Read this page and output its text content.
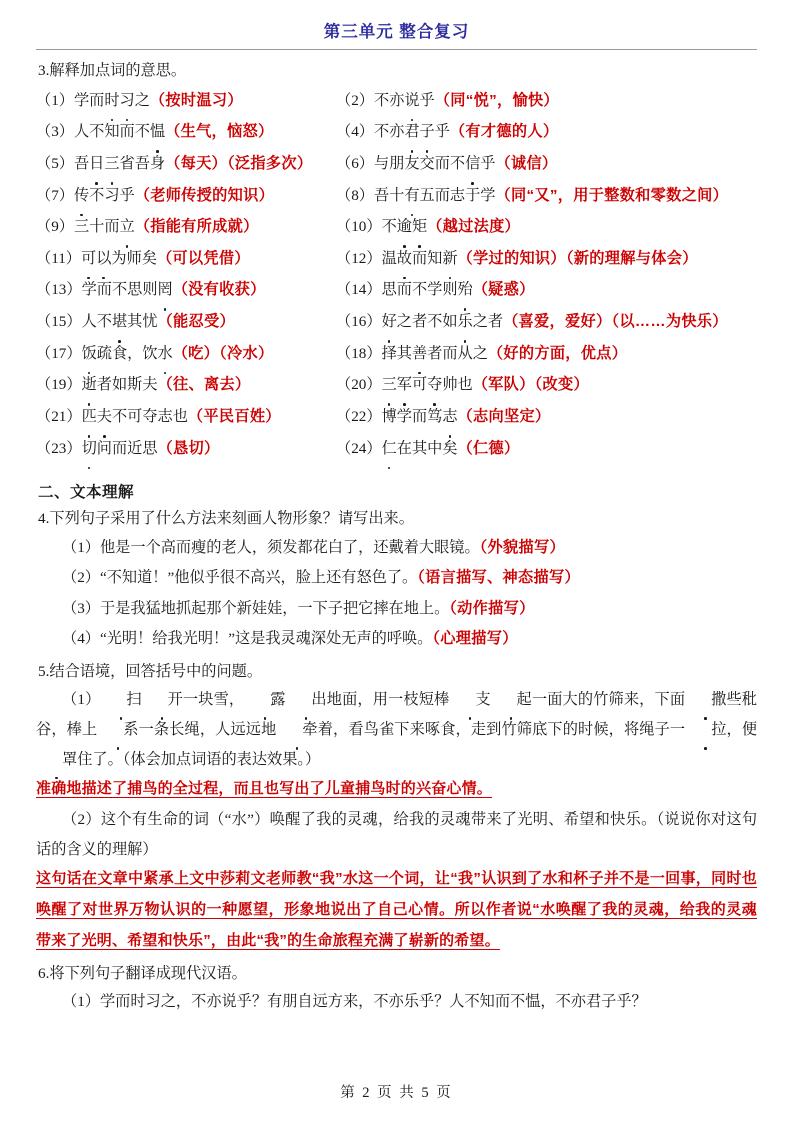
第三单元 整合复习
3.解释加点词的意思。
（1）学而时习之（按时温习）	（2）不亦说乎（同“悦”，愉快）
（3）人不知而不愠（生气，恼怒）	（4）不亦君子乎（有才德的人）
（5）吾日三省吾身（每天）（泛指多次）	（6）与朋友交而不信乎（诚信）
（7）传不习乎（老师传授的知识）	（8）吾十有五而志于学（同“又”，用于整数和零数之间）
（9）三十而立（指能有所成就）	（10）不逾矩（越过法度）
（11）可以为师矣（可以凭借）	（12）温故而知新（学过的知识）（新的理解与体会）
（13）学而不思则罔（没有收获）	（14）思而不学则殆（疑惑）
（15）人不堪其忧（能忍受）	（16）好之者不如乐之者（喜爱，爱好）（以……为快乐）
（17）饭疏食，饮水（吃）（冷水）	（18）择其善者而从之（好的方面，优点）
（19）逝者如斯夫（往、离去）	（20）三军可夺帅也（军队）（改变）
（21）匹夫不可夺志也（平民百姓）	（22）博学而笃志（志向坚定）
（23）切问而近思（恳切）	（24）仁在其中矣（仁德）
二、文本理解
4.下列句子采用了什么方法来刻画人物形象？请写出来。
（1）他是一个高而瘦的老人，须发都花白了，还戴着大眼镜。（外貌描写）
（2）“不知道！”他似乎很不高兴，脸上还有怒色了。（语言描写、神态描写）
（3）于是我猛地抓起那个新娃娃，一下子把它摔在地上。（动作描写）
（4）“光明！给我光明！”这是我灵魂深处无声的呼唤。（心理描写）
5.结合语境，回答括号中的问题。
（1） 扫 开一块雪， 露 出地面，用一枝短棒 支 起一面大的竹筛来，下面 撒些秕谷，棒上 系一条长绳，人远远地 牵着，看鸟雀下来啄食，走到竹筛底下的时候，将绳子一 拉，便罩住了。（体会加点词语的表达效果。）
准确地描述了捕鸟的全过程，而且也写出了儿童捕鸟时的兴奋心情。
（2）这个有生命的词（“水”）唤醒了我的灵魂，给我的灵魂带来了光明、希望和快乐。（说说你对这句话的含义的理解）
这句话在文章中紧承上文中莎莉文老师教“我”水这一个词，让“我”认识到了水和杯子并不是一回事，同时也唤醒了对世界万物认识的一种愿望，形象地说出了自己心情。所以作者说“水唤醒了我的灵魂，给我的灵魂带来了光明、希望和快乐”，由此“我”的生命旅程充满了崭新的希望。
6.将下列句子翻译成现代汉语。
（1）学而时习之，不亦说乎？有朋自远方来，不亦乐乎？人不知而不愠，不亦君子乎？
第 2 页 共 5 页
